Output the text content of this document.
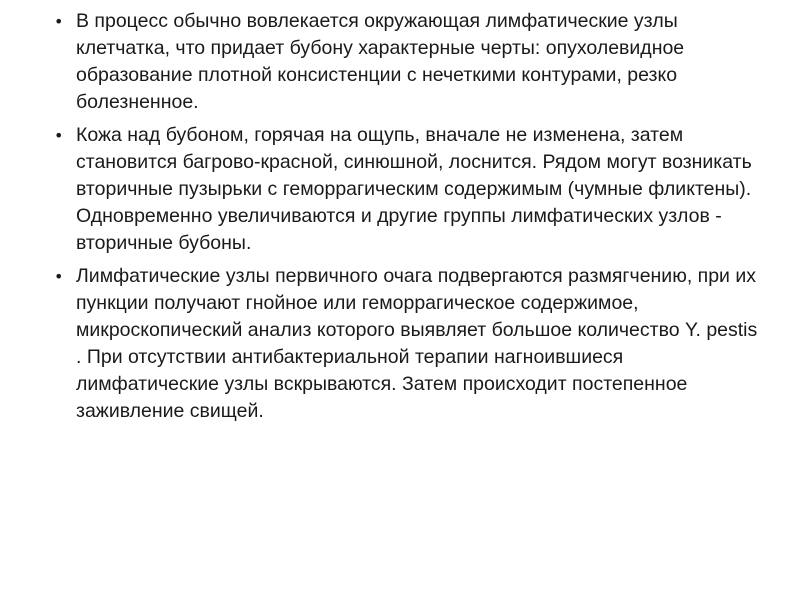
• В процесс обычно вовлекается окружающая лимфатические узлы клетчатка, что придает бубону характерные черты: опухолевидное образование плотной консистенции с нечеткими контурами, резко болезненное.
• Кожа над бубоном, горячая на ощупь, вначале не изменена, затем становится багрово-красной, синюшной, лоснится. Рядом могут возникать вторичные пузырьки с геморрагическим содержимым (чумные фликтены). Одновременно увеличиваются и другие группы лимфатических узлов - вторичные бубоны.
• Лимфатические узлы первичного очага подвергаются размягчению, при их пункции получают гнойное или геморрагическое содержимое, микроскопический анализ которого выявляет большое количество Y. pestis . При отсутствии антибактериальной терапии нагноившиеся лимфатические узлы вскрываются. Затем происходит постепенное заживление свищей.
